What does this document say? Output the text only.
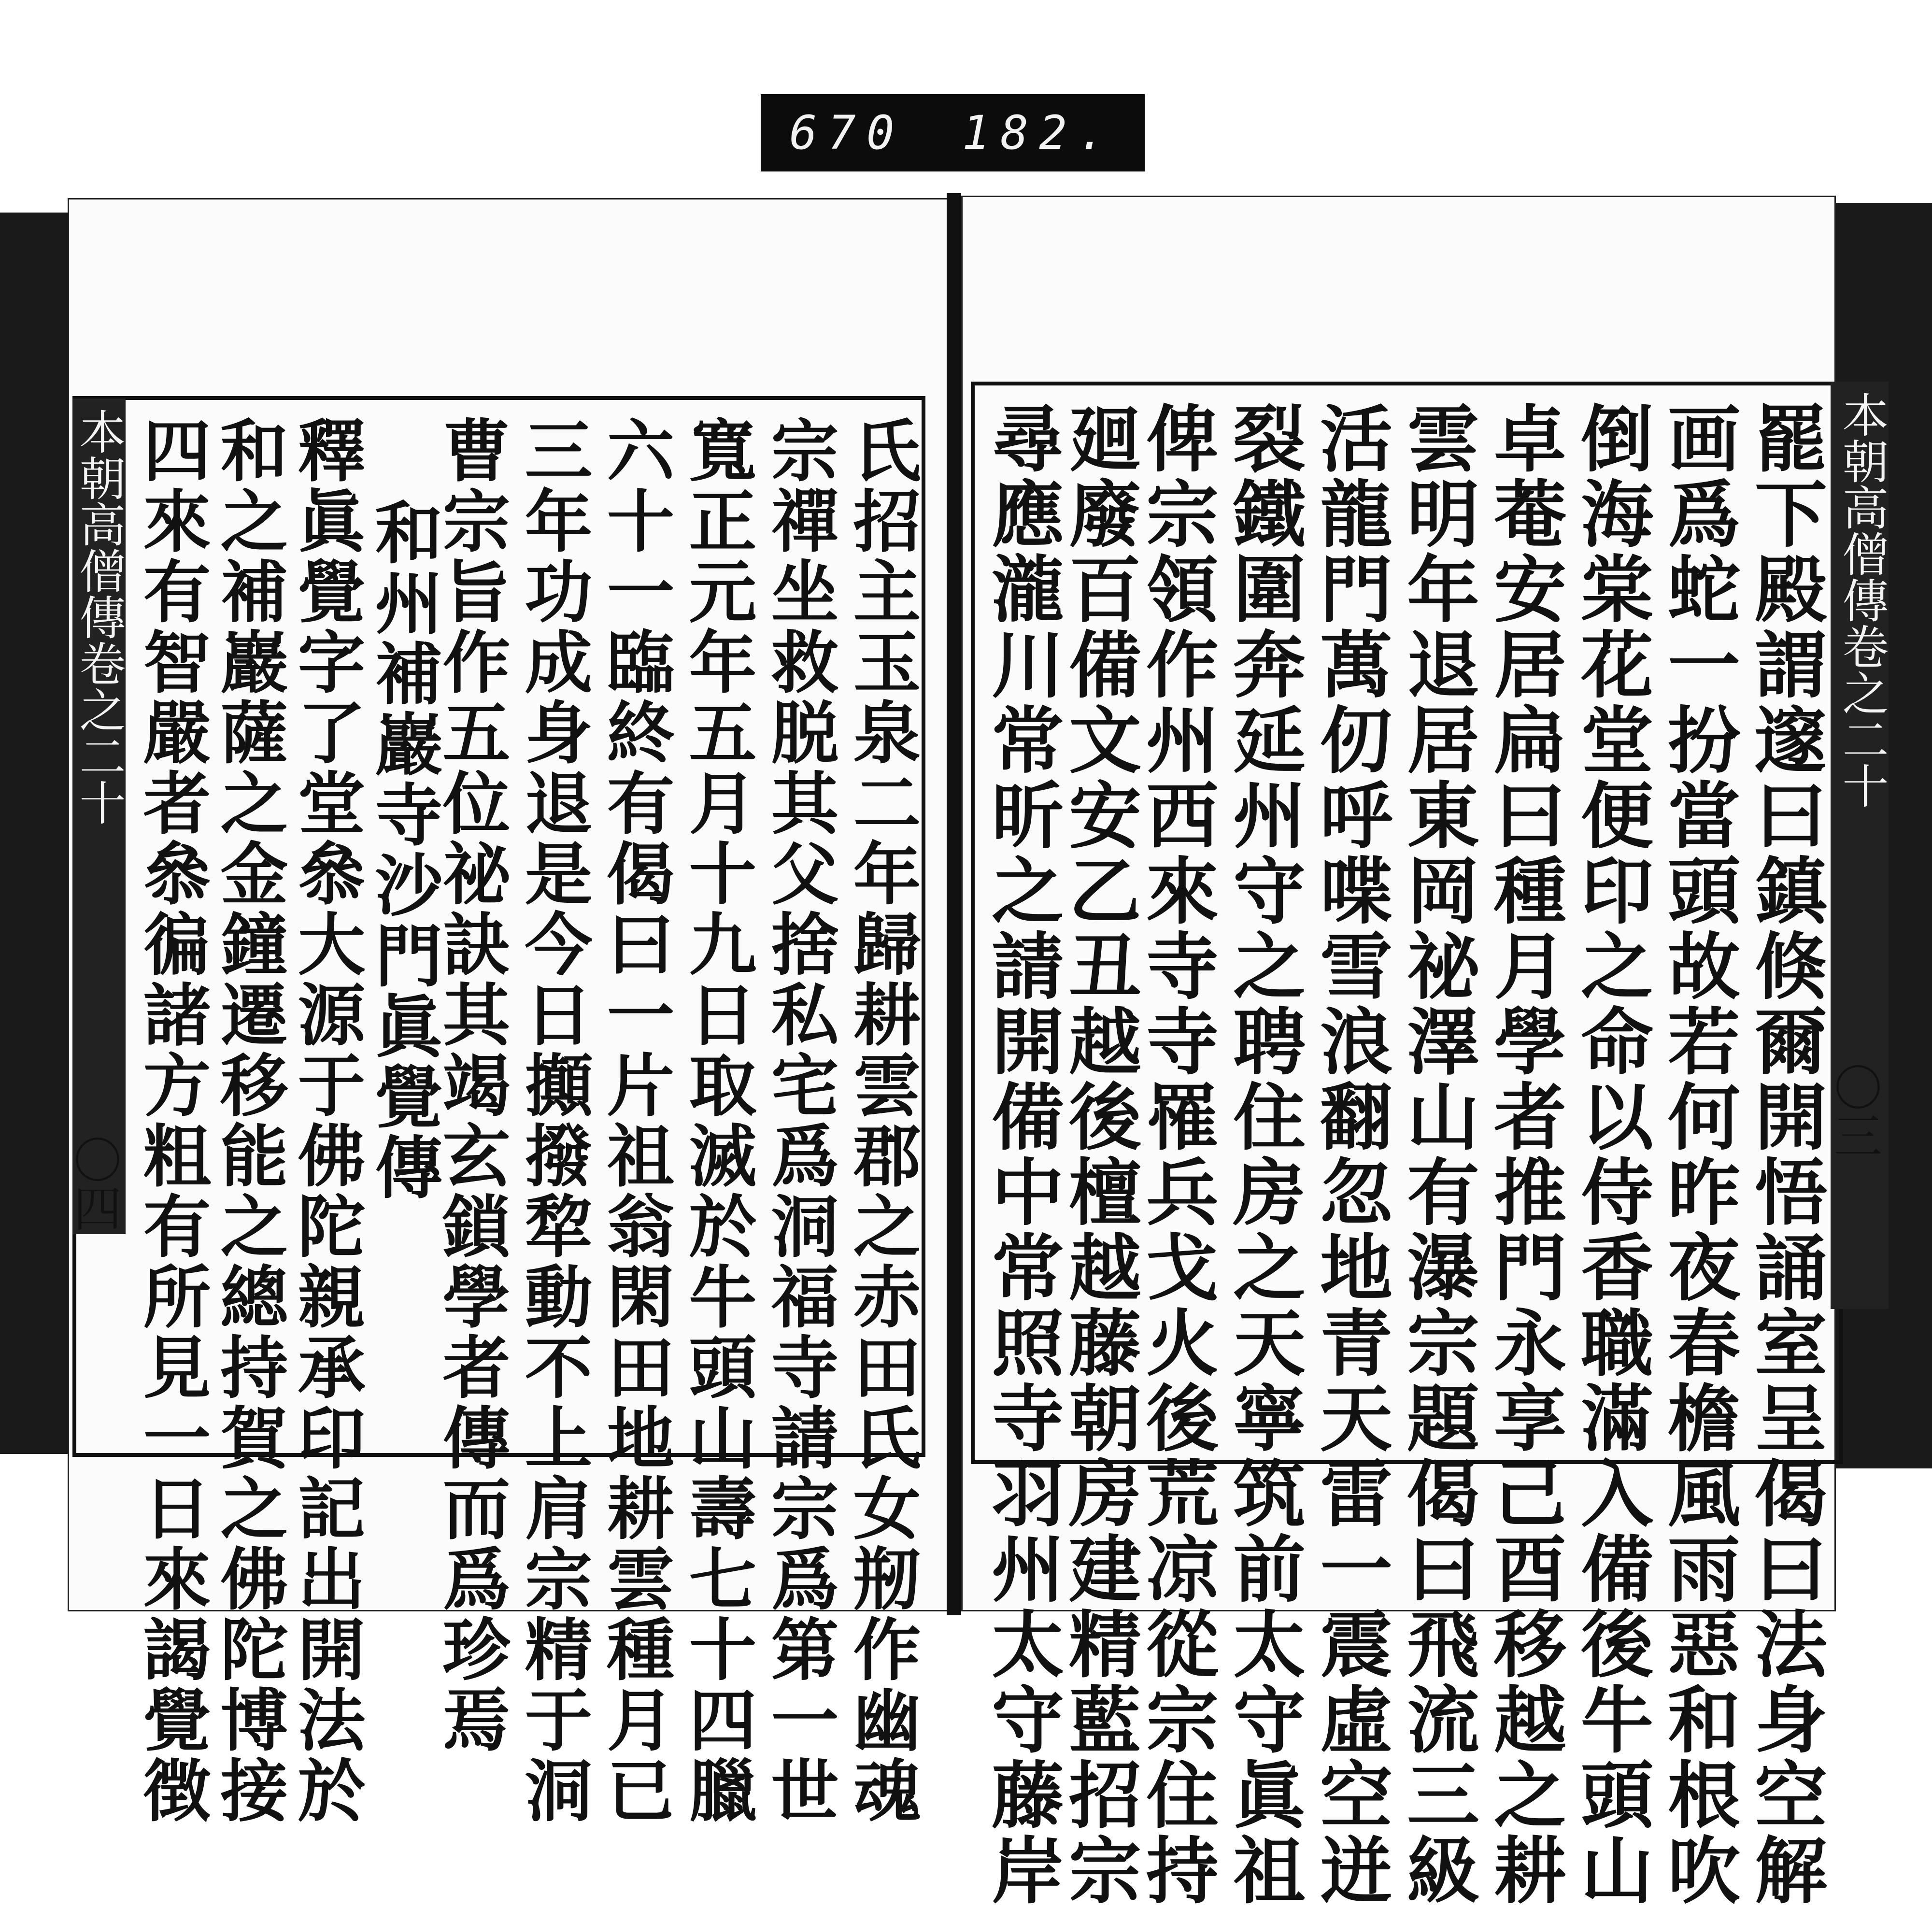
670 182.
本朝高僧傳卷之二十	本朝高僧傳卷之二十
〇四
〇三
罷下殿謂邃曰鎮倏爾開悟誦室呈偈曰法身空解
画爲蛇一扮當頭故若何昨夜春檐風雨惡和根吹
倒海棠花堂便印之命以侍香職滿入備後牛頭山
卓菴安居扁曰種月學者推門永享己酉移越之耕
雲明年退居東岡祕澤山有瀑宗題偈曰飛流三級
活龍門萬仞呼喋雪浪翻忽地青天雷一震虛空迸
裂鐵圍奔延州守之聘住房之天寧筑前太守眞祖
俾宗領作州西來寺寺罹兵戈火後荒凉從宗住持
廻廢百備文安乙丑越後檀越藤朝房建精藍招宗
尋應瀧川常昕之請開備中常照寺羽州太守藤岸
氏招主玉泉二年歸耕雲郡之赤田氏女剏作幽魂
宗禪坐救脱其父捨私宅爲洞福寺請宗爲第一世
寬正元年五月十九日取滅於牛頭山壽七十四臘
六十一臨終有偈曰一片祖翁閑田地耕雲種月已
三年功成身退是今日攧撥犂動不上肩宗精于洞
曹宗旨作五位祕訣其竭玄鎖學者傳而爲珍焉
和州補巖寺沙門眞覺傳
釋眞覺字了堂叅大源于佛陀親承印記出開法於
和之補巖薩之金鐘遷移能之總持賀之佛陀博接
四來有智嚴者叅徧諸方粗有所見一日來謁覺徴
